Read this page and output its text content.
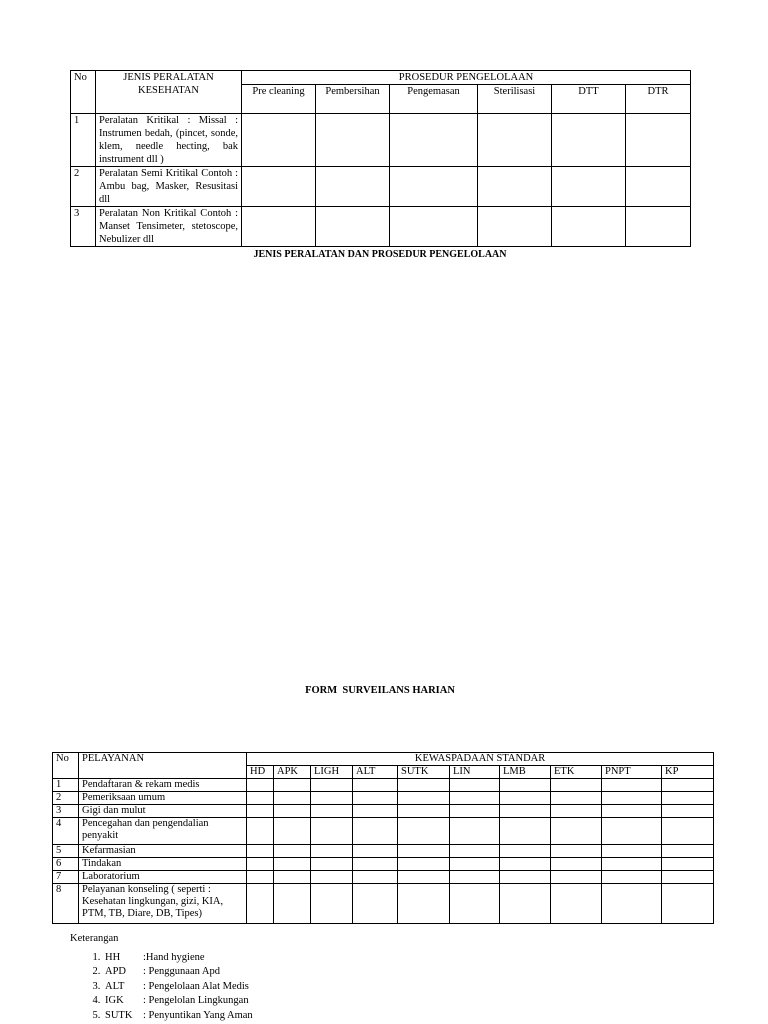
No	JENIS PERALATAN KESEHATAN	PROSEDUR PENGELOLAAN					
		Pre cleaning	Pembersihan	Pengemasan	Sterilisasi	DTT	DTR
1	Peralatan Kritikal : Missal : Instrumen bedah, (pincet, sonde, klem, needle hecting, bak instrument dll )						
2	Peralatan Semi Kritikal Contoh : Ambu bag, Masker, Resusitasi dll						
3	Peralatan Non Kritikal Contoh : Manset Tensimeter, stetoscope, Nebulizer dll						
JENIS PERALATAN DAN PROSEDUR PENGELOLAAN
FORM  SURVEILANS HARIAN
No	PELAYANAN	KEWASPADAAN STANDAR									
		HD	APK	LIGH	ALT	SUTK	LIN	LMB	ETK	PNPT	KP
1	Pendaftaran & rekam medis										
2	Pemeriksaan umum										
3	Gigi dan mulut										
4	Pencegahan dan pengendalian penyakit										
5	Kefarmasian										
6	Tindakan										
7	Laboratorium										
8	Pelayanan konseling ( seperti : Kesehatan lingkungan, gizi, KIA, PTM, TB, Diare, DB, Tipes)										
Keterangan
1. HH :Hand hygiene
2. APD : Penggunaan Apd
3. ALT : Pengelolaan Alat Medis
4. IGK : Pengelolan Lingkungan
5. SUTK : Penyuntikan Yang Aman
